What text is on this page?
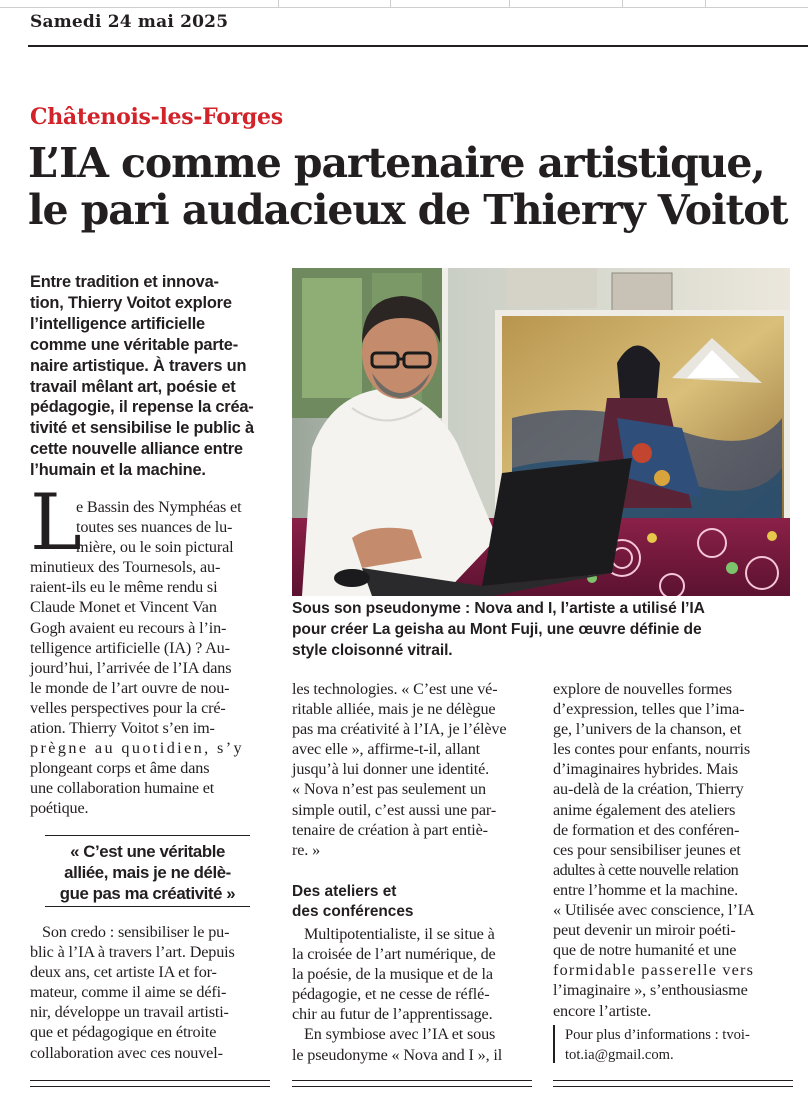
Samedi 24 mai 2025
Châtenois-les-Forges
L’IA comme partenaire artistique,
le pari audacieux de Thierry Voitot
Entre tradition et innova-
tion, Thierry Voitot explore
l’intelligence artificielle
comme une véritable parte-
naire artistique. À travers un
travail mêlant art, poésie et
pédagogie, il repense la créa-
tivité et sensibilise le public à
cette nouvelle alliance entre
l’humain et la machine.
Sous son pseudonyme : Nova and I, l’artiste a utilisé l’IA
pour créer La geisha au Mont Fuji, une œuvre définie de
style cloisonné vitrail.
L
e Bassin des Nymphéas et
toutes ses nuances de lu-
mière, ou le soin pictural
minutieux des Tournesols, au-
raient-ils eu le même rendu si
Claude Monet et Vincent Van
Gogh avaient eu recours à l’in-
telligence artificielle (IA) ? Au-
jourd’hui, l’arrivée de l’IA dans
le monde de l’art ouvre de nou-
velles perspectives pour la cré-
ation. Thierry Voitot s’en im-
prègne au quotidien, s’y
plongeant corps et âme dans
une collaboration humaine et
poétique.
« C’est une véritable
alliée, mais je ne délè-
gue pas ma créativité »
Son credo : sensibiliser le pu-
blic à l’IA à travers l’art. Depuis
deux ans, cet artiste IA et for-
mateur, comme il aime se défi-
nir, développe un travail artisti-
que et pédagogique en étroite
collaboration avec ces nouvel-
les technologies. « C’est une vé-
ritable alliée, mais je ne délègue
pas ma créativité à l’IA, je l’élève
avec elle », affirme-t-il, allant
jusqu’à lui donner une identité.
« Nova n’est pas seulement un
simple outil, c’est aussi une par-
tenaire de création à part entiè-
re. »
Des ateliers et
des conférences
Multipotentialiste, il se situe à
la croisée de l’art numérique, de
la poésie, de la musique et de la
pédagogie, et ne cesse de réflé-
chir au futur de l’apprentissage.
En symbiose avec l’IA et sous
le pseudonyme « Nova and I », il
explore de nouvelles formes
d’expression, telles que l’ima-
ge, l’univers de la chanson, et
les contes pour enfants, nourris
d’imaginaires hybrides. Mais
au-delà de la création, Thierry
anime également des ateliers
de formation et des conféren-
ces pour sensibiliser jeunes et
adultes à cette nouvelle relation
entre l’homme et la machine.
« Utilisée avec conscience, l’IA
peut devenir un miroir poéti-
que de notre humanité et une
formidable passerelle vers
l’imaginaire », s’enthousiasme
encore l’artiste.
Pour plus d’informations : tvoi-
tot.ia@gmail.com.
